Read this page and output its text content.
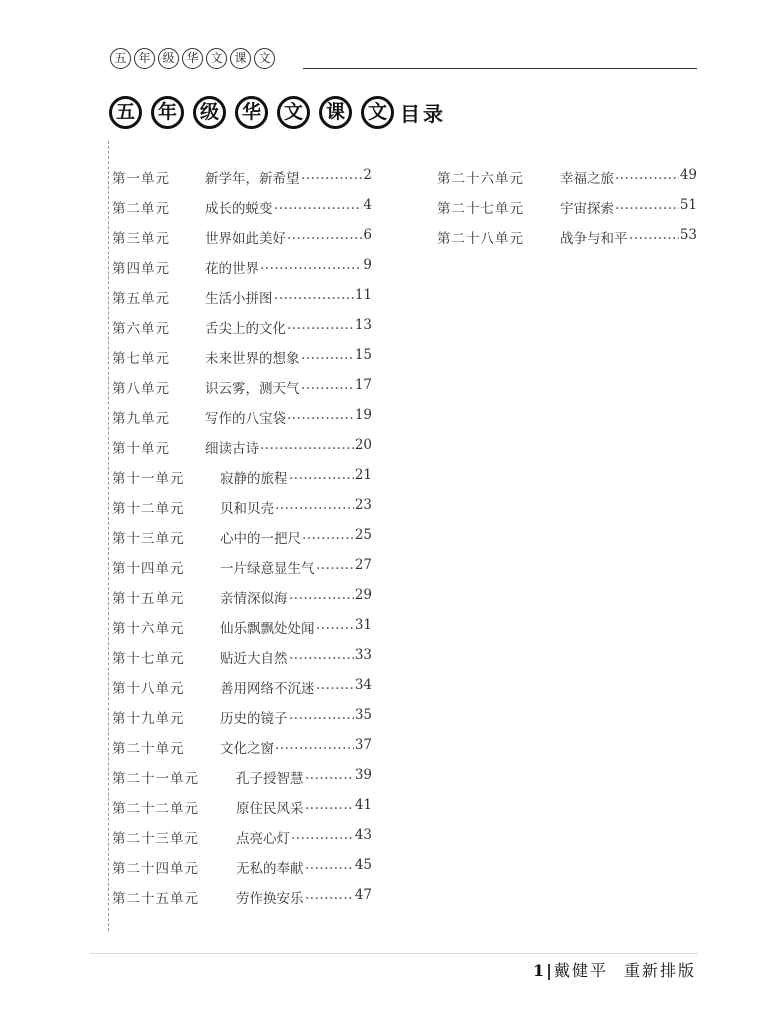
五 年 级 华 文 课 文
五	年	级	华	文	课	文 目录
第一单元	新学年，新希望 .....	2
第二单元	成长的蜕变 .....	4
第三单元	世界如此美好 .....	6
第四单元	花的世界 .....	9
第五单元	生活小拼图 .....	11
第六单元	舌尖上的文化 .....	13
第七单元	未来世界的想象 .....	15
第八单元	识云雾，测天气 .....	17
第九单元	写作的八宝袋 .....	19
第十单元	细读古诗 .....	20
第十一单元	寂静的旅程 .....	21
第十二单元	贝和贝壳 .....	23
第十三单元	心中的一把尺 .....	25
第十四单元	一片绿意显生气 .....	27
第十五单元	亲情深似海 .....	29
第十六单元	仙乐飘飘处处闻 .....	31
第十七单元	贴近大自然 .....	33
第十八单元	善用网络不沉迷 .....	34
第十九单元	历史的镜子 .....	35
第二十单元	文化之窗 .....	37
第二十一单元	孔子授智慧 .....	39
第二十二单元	原住民风采 .....	41
第二十三单元	点亮心灯 .....	43
第二十四单元	无私的奉献 .....	45
第二十五单元	劳作换安乐 .....	47
第二十六单元	幸福之旅 .....	49
第二十七单元	宇宙探索 .....	51
第二十八单元	战争与和平 .....	53
1 | 戴健平 重新排版
